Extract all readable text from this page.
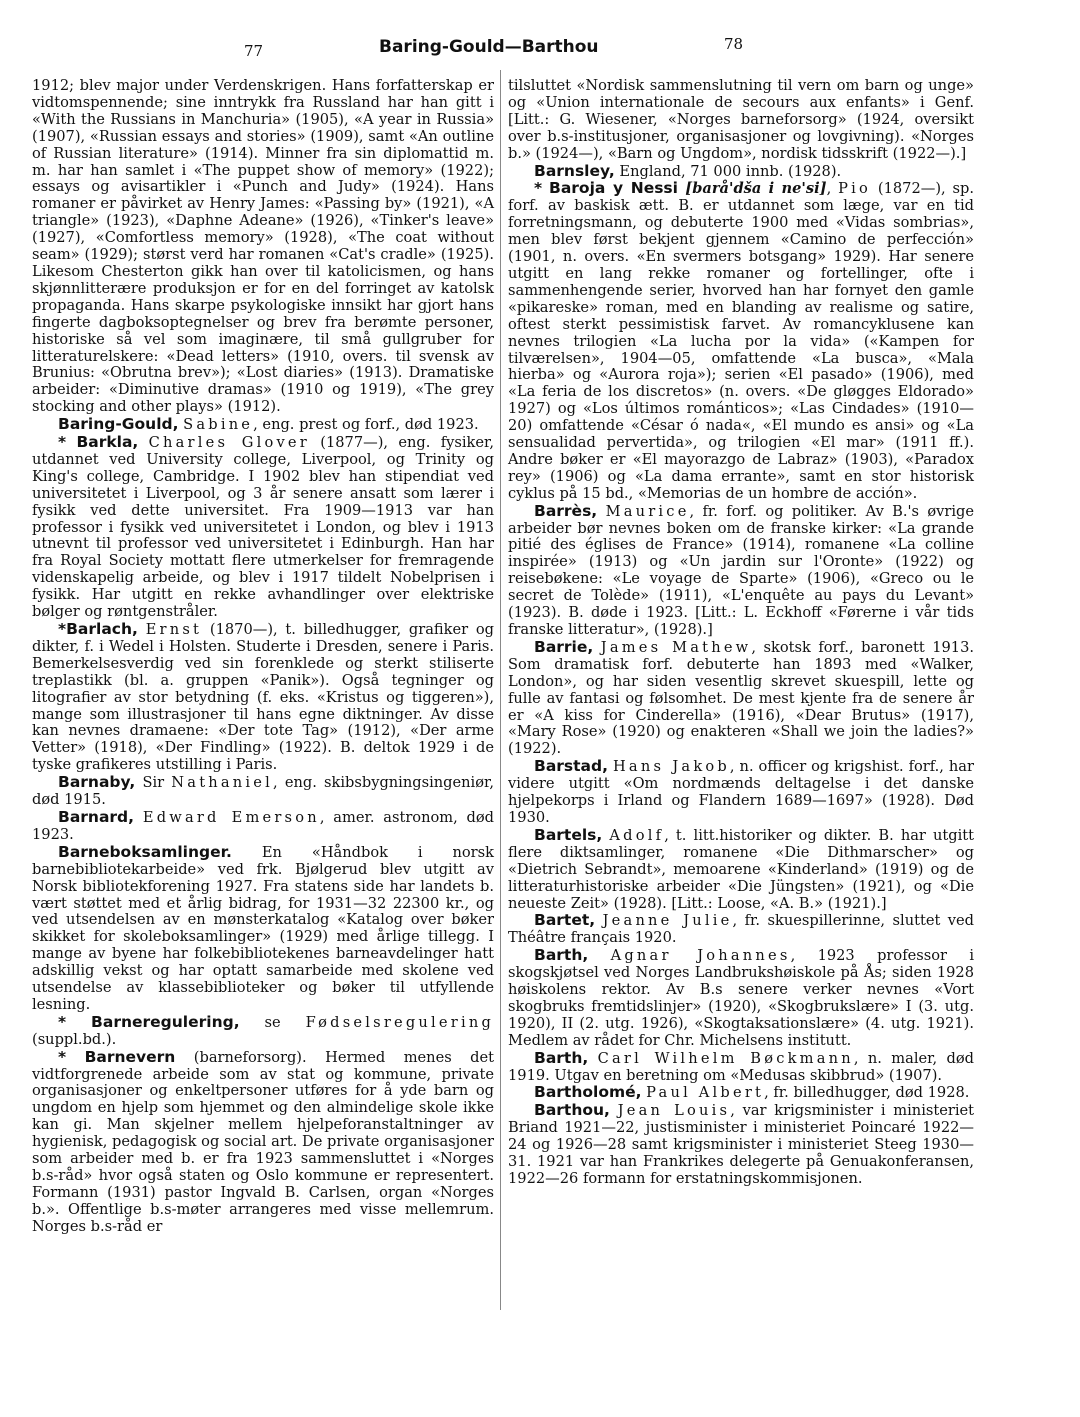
77	Baring-Gould—Barthou	78

1912; blev major under Verdenskrigen. Hans forfatterskap er vidtomspennende; sine inntrykk fra Russland har han gitt i «With the Russians in Manchuria» (1905), «A year in Russia» (1907), «Russian essays and stories» (1909), samt «An outline of Russian literature» (1914). Minner fra sin diplomattid m. m. har han samlet i «The puppet show of memory» (1922); essays og avisartikler i «Punch and Judy» (1924). Hans romaner er påvirket av Henry James: «Passing by» (1921), «A triangle» (1923), «Daphne Adeane» (1926), «Tinker's leave» (1927), «Comfortless memory» (1928), «The coat without seam» (1929); størst verd har romanen «Cat's cradle» (1925). Likesom Chesterton gikk han over til katolicismen, og hans skjønnlitterære produksjon er for en del forringet av katolsk propaganda. Hans skarpe psykologiske innsikt har gjort hans fingerte dagboksoptegnelser og brev fra berømte personer, historiske så vel som imaginære, til små gullgruber for litteraturelskere: «Dead letters» (1910, overs. til svensk av Brunius: «Obrutna brev»); «Lost diaries» (1913). Dramatiske arbeider: «Diminutive dramas» (1910 og 1919), «The grey stocking and other plays» (1912).

Baring-Gould, Sabine, eng. prest og forf., død 1923.

* Barkla, Charles Glover (1877—), eng. fysiker, utdannet ved University college, Liverpool, og Trinity og King's college, Cambridge. I 1902 blev han stipendiat ved universitetet i Liverpool, og 3 år senere ansatt som lærer i fysikk ved dette universitet. Fra 1909—1913 var han professor i fysikk ved universitetet i London, og blev i 1913 utnevnt til professor ved universitetet i Edinburgh. Han har fra Royal Society mottatt flere utmerkelser for fremragende videnskapelig arbeide, og blev i 1917 tildelt Nobelprisen i fysikk. Har utgitt en rekke avhandlinger over elektriske bølger og røntgenstråler.

*Barlach, Ernst (1870—), t. billedhugger, grafiker og dikter, f. i Wedel i Holsten. Studerte i Dresden, senere i Paris. Bemerkelsesverdig ved sin forenklede og sterkt stiliserte treplastikk (bl. a. gruppen «Panik»). Også tegninger og litografier av stor betydning (f. eks. «Kristus og tiggeren»), mange som illustrasjoner til hans egne diktninger. Av disse kan nevnes dramaene: «Der tote Tag» (1912), «Der arme Vetter» (1918), «Der Findling» (1922). B. deltok 1929 i de tyske grafikeres utstilling i Paris.

Barnaby, Sir Nathaniel, eng. skibsbygningsingeniør, død 1915.

Barnard, Edward Emerson, amer. astronom, død 1923.

Barneboksamlinger. En «Håndbok i norsk barnebibliotekarbeide» ved frk. Bjølgerud blev utgitt av Norsk bibliotekforening 1927. Fra statens side har landets b. vært støttet med et årlig bidrag, for 1931—32 22300 kr., og ved utsendelsen av en mønsterkatalog «Katalog over bøker skikket for skoleboksamlinger» (1929) med årlige tillegg. I mange av byene har folkebibliotekenes barneavdelinger hatt adskillig vekst og har optatt samarbeide med skolene ved utsendelse av klassebiblioteker og bøker til utfyllende lesning.

* Barneregulering, se Fødselsregulering (suppl.bd.).

* Barnevern (barneforsorg). Hermed menes det vidtforgrenede arbeide som av stat og kommune, private organisasjoner og enkeltpersoner utføres for å yde barn og ungdom en hjelp som hjemmet og den almindelige skole ikke kan gi. Man skjelner mellem hjelpeforanstaltninger av hygienisk, pedagogisk og social art. De private organisasjoner som arbeider med b. er fra 1923 sammensluttet i «Norges b.s-råd» hvor også staten og Oslo kommune er representert. Formann (1931) pastor Ingvald B. Carlsen, organ «Norges b.». Offentlige b.s-møter arrangeres med visse mellemrum. Norges b.s-råd er

tilsluttet «Nordisk sammenslutning til vern om barn og unge» og «Union internationale de secours aux enfants» i Genf. [Litt.: G. Wiesener, «Norges barneforsorg» (1924, oversikt over b.s-institusjoner, organisasjoner og lovgivning). «Norges b.» (1924—), «Barn og Ungdom», nordisk tidsskrift (1922—).]

Barnsley, England, 71 000 innb. (1928).

* Baroja y Nessi [barå'dša i ne'si], Pio (1872—), sp. forf. av baskisk ætt. B. er utdannet som læge, var en tid forretningsmann, og debuterte 1900 med «Vidas sombrias», men blev først bekjent gjennem «Camino de perfección» (1901, n. overs. «En svermers botsgang» 1929). Har senere utgitt en lang rekke romaner og fortellinger, ofte i sammenhengende serier, hvorved han har fornyet den gamle «pikareske» roman, med en blanding av realisme og satire, oftest sterkt pessimistisk farvet. Av romancyklusene kan nevnes trilogien «La lucha por la vida» («Kampen for tilværelsen», 1904—05, omfattende «La busca», «Mala hierba» og «Aurora roja»); serien «El pasado» (1906), med «La feria de los discretos» (n. overs. «De gløgges Eldorado» 1927) og «Los últimos románticos»; «Las Cindades» (1910—20) omfattende «César ó nada«, «El mundo es ansi» og «La sensualidad pervertida», og trilogien «El mar» (1911 ff.). Andre bøker er «El mayorazgo de Labraz» (1903), «Paradox rey» (1906) og «La dama errante», samt en stor historisk cyklus på 15 bd., «Memorias de un hombre de acción».

Barrès, Maurice, fr. forf. og politiker. Av B.'s øvrige arbeider bør nevnes boken om de franske kirker: «La grande pitié des églises de France» (1914), romanene «La colline inspirée» (1913) og «Un jardin sur l'Oronte» (1922) og reisebøkene: «Le voyage de Sparte» (1906), «Greco ou le secret de Tolède» (1911), «L'enquête au pays du Levant» (1923). B. døde i 1923. [Litt.: L. Eckhoff «Førerne i vår tids franske litteratur», (1928).]

Barrie, James Mathew, skotsk forf., baronett 1913. Som dramatisk forf. debuterte han 1893 med «Walker, London», og har siden vesentlig skrevet skuespill, lette og fulle av fantasi og følsomhet. De mest kjente fra de senere år er «A kiss for Cinderella» (1916), «Dear Brutus» (1917), «Mary Rose» (1920) og enakteren «Shall we join the ladies?» (1922).

Barstad, Hans Jakob, n. officer og krigshist. forf., har videre utgitt «Om nordmænds deltagelse i det danske hjelpekorps i Irland og Flandern 1689—1697» (1928). Død 1930.

Bartels, Adolf, t. litt.historiker og dikter. B. har utgitt flere diktsamlinger, romanene «Die Dithmarscher» og «Dietrich Sebrandt», memoarene «Kinderland» (1919) og de litteraturhistoriske arbeider «Die Jüngsten» (1921), og «Die neueste Zeit» (1928). [Litt.: Loose, «A. B.» (1921).]

Bartet, Jeanne Julie, fr. skuespillerinne, sluttet ved Théâtre français 1920.

Barth, Agnar Johannes, 1923 professor i skogskjøtsel ved Norges Landbrukshøiskole på Ås; siden 1928 høiskolens rektor. Av B.s senere verker nevnes «Vort skogbruks fremtidslinjer» (1920), «Skogbrukslære» I (3. utg. 1920), II (2. utg. 1926), «Skogtaksationslære» (4. utg. 1921). Medlem av rådet for Chr. Michelsens institutt.

Barth, Carl Wilhelm Bøckmann, n. maler, død 1919. Utgav en beretning om «Medusas skibbrud» (1907).

Bartholomé, Paul Albert, fr. billedhugger, død 1928.

Barthou, Jean Louis, var krigsminister i ministeriet Briand 1921—22, justisminister i ministeriet Poincaré 1922—24 og 1926—28 samt krigsminister i ministeriet Steeg 1930—31. 1921 var han Frankrikes delegerte på Genuakonferansen, 1922—26 formann for erstatningskommisjonen.
